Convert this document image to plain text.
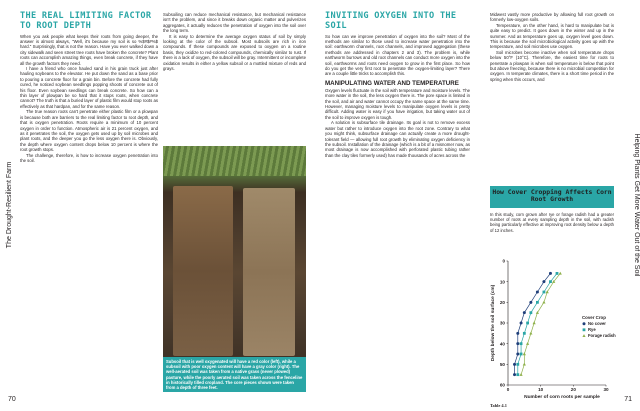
The Drought-Resilient Farm	Helping Plants Get More Water Out of the Soil
70	71
THE REAL LIMITING FACTOR TO ROOT DEPTH

When you ask people what keeps their roots from going deeper, the answer is almost always, "Well, it's because my soil is so %$#$#%$ hard." Surprisingly, that is not the reason. Have you ever walked down a city sidewalk and seen street tree roots have broken the concrete? Plant roots can accomplish amazing things, even break concrete, if they have all the growth factors they need.

I have a friend who once hauled sand in his grain truck just after hauling soybeans to the elevator. He put down the sand as a base prior to pouring a concrete floor for a grain bin. Before the concrete had fully cured, he noticed soybean seedlings popping shoots of concrete out of his floor. Even soybean seedlings can break concrete. So how can a thin layer of plowpan be so hard that it stops roots, when concrete cannot? The truth is that a buried layer of plastic film would stop roots as effectively as that hardpan, and for the same reason.

The true reason roots can't penetrate either plastic film or a plowpan is because both are barriers to the real limiting factor to root depth, and that is oxygen penetration. Roots require a minimum of 10 percent oxygen in order to function. Atmospheric air is 21 percent oxygen, and as it penetrates the soil, the oxygen gets used up by soil microbes and plant roots, and the deeper you go the less oxygen there is. Obviously, the depth where oxygen content drops below 10 percent is where the root growth stops.

The challenge, therefore, is how to increase oxygen penetration into the soil.

Subsoiling can reduce mechanical resistance, but mechanical resistance isn't the problem, and since it breaks down organic matter and pulverizes aggregates, it actually reduces the penetration of oxygen into the soil over the long term.

It is easy to determine the average oxygen status of soil by simply looking at the color of the subsoil. Most subsoils are rich in iron compounds. If these compounds are exposed to oxygen on a routine basis, they oxidize to red-colored compounds, chemically similar to rust. If there is a lack of oxygen, the subsoil will be gray. Intermittent or incomplete oxidation results in either a yellow subsoil or a mottled mixture of reds and grays.

Subsoil that is well oxygenated will have a red color (left), while a subsoil with poor oxygen content will have a gray color (right). The well-aerated soil was taken from a native grass (never plowed) pasture, while the poorly aerated soil was taken across the fenceline in historically tilled cropland. The core pieces shown were taken from a depth of three feet.
INVITING OXYGEN INTO THE SOIL

So how can we improve penetration of oxygen into the soil? Most of the methods are similar to those used to increase water penetration into the soil: earthworm channels, root channels, and improved aggregation (these methods are addressed in chapters 2 and 3). The problem is, while earthworm burrows and old root channels can conduct more oxygen into the soil, earthworms and roots need oxygen to grow in the first place. So how do you get the very first root to penetrate the oxygen-limiting layer? There are a couple little tricks to accomplish this.

MANIPULATING WATER AND TEMPERATURE

Oxygen levels fluctuate in the soil with temperature and moisture levels. The more water in the soil, the less oxygen there is. The pore space is limited in the soil, and air and water cannot occupy the same space at the same time. However, managing moisture levels to manipulate oxygen levels is pretty difficult. Adding water is easy if you have irrigation, but taking water out of the soil to improve oxygen is tough.

A solution is subsurface tile drainage. Its goal is not to remove excess water but rather to introduce oxygen into the root zone. Contrary to what you might think, subsurface drainage can actually create a more drought-tolerant field — allowing full root growth by eliminating oxygen deficiency in the subsoil. Installation of the drainage (which is a bit of a misnomer now, as most drainage is now accomplished with perforated plastic tubing rather than the clay tiles formerly used) has made thousands of acres across the

Midwest vastly more productive by allowing full root growth on formerly low-oxygen soils.

Temperature, on the other hand, is hard to manipulate but is quite easy to predict. It goes down in the winter and up in the summer. And as temperature goes up, oxygen level goes down. This is because the soil microbiological activity goes up with the temperature, and soil microbes use oxygen.

Soil microbes become inactive when soil temperature drops below 50°F (10°C). Therefore, the easiest time for roots to penetrate a plowpan is when soil temperature is below that point but above freezing, because there is no microbial competition for oxygen. In temperate climates, there is a short time period in the spring when this occurs, and

How Cover Cropping Affects Corn Root Growth
In this study, corn grown after rye or forage radish had a greater number of roots at every sampling depth in the soil, with radish being particularly effective at improving root density below a depth of 12 inches.
Depth below the soil surface (cm)
Number of corn roots per sample
0
10
20
30
40
50
60
0	10	20	30
Cover Crop
No cover
Rye
Forage radish
Table 4.1
